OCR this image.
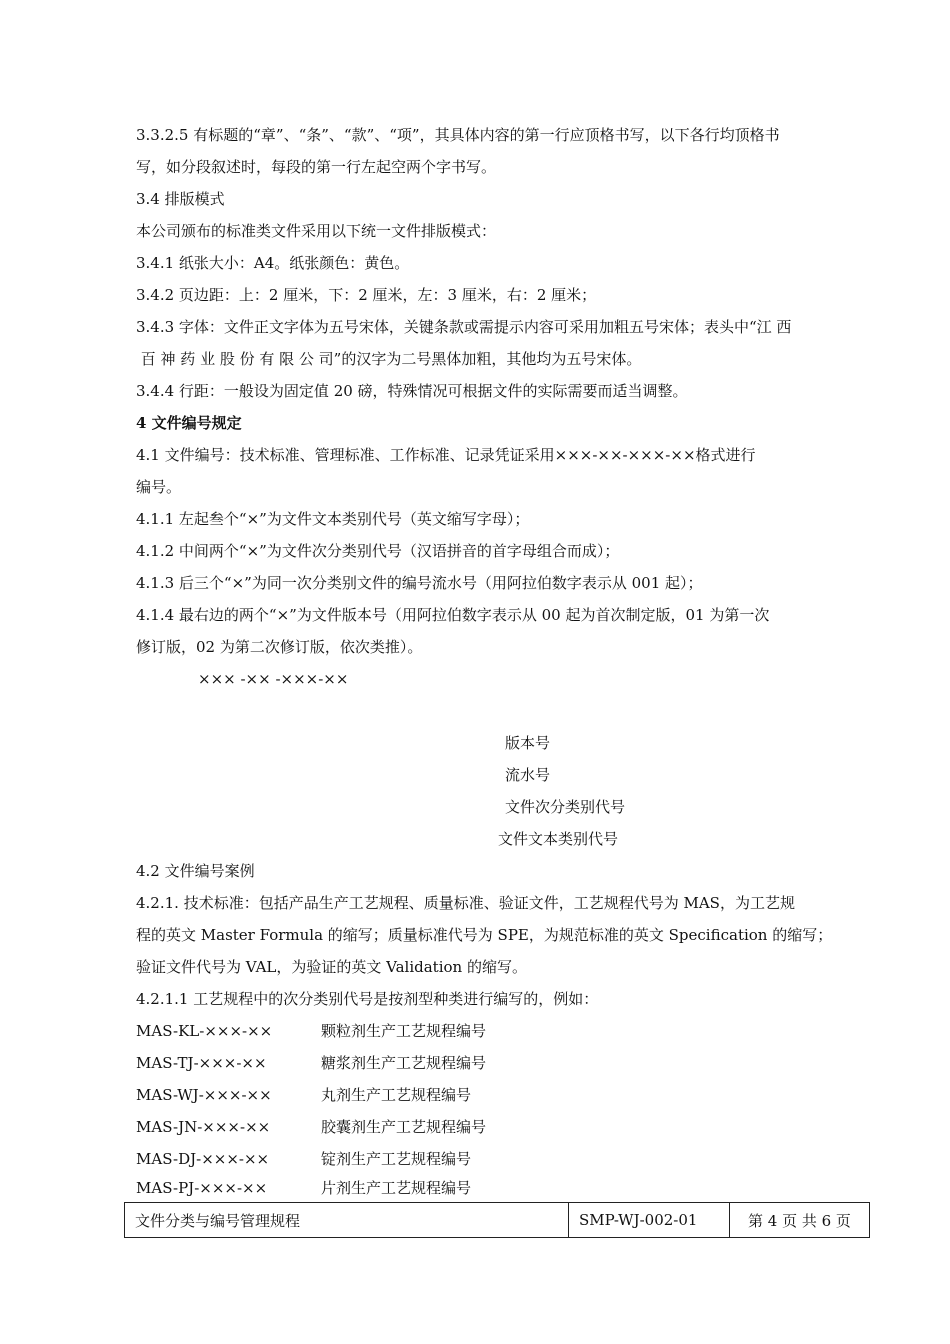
3.3.2.5 有标题的“章”、“条”、“款”、“项”，其具体内容的第一行应顶格书写，以下各行均顶格书
写，如分段叙述时，每段的第一行左起空两个字书写。
3.4 排版模式
本公司颁布的标准类文件采用以下统一文件排版模式：
3.4.1 纸张大小：A4。纸张颜色：黄色。
3.4.2 页边距：上：2 厘米，下：2 厘米，左：3 厘米，右：2 厘米；
3.4.3 字体：文件正文字体为五号宋体，关键条款或需提示内容可采用加粗五号宋体；表头中“江 西
百 神 药 业 股 份 有 限 公 司”的汉字为二号黑体加粗，其他均为五号宋体。
3.4.4 行距：一般设为固定值 20 磅，特殊情况可根据文件的实际需要而适当调整。
4 文件编号规定
4.1 文件编号：技术标准、管理标准、工作标准、记录凭证采用×××-××-×××-××格式进行
编号。
4.1.1 左起叁个“×”为文件文本类别代号（英文缩写字母）；
4.1.2 中间两个“×”为文件次分类别代号（汉语拼音的首字母组合而成）；
4.1.3 后三个“×”为同一次分类别文件的编号流水号（用阿拉伯数字表示从 001 起）；
4.1.4 最右边的两个“×”为文件版本号（用阿拉伯数字表示从 00 起为首次制定版，01 为第一次
修订版，02 为第二次修订版，依次类推）。
××× -×× -×××-××
版本号
流水号
文件次分类别代号
文件文本类别代号
4.2 文件编号案例
4.2.1. 技术标准：包括产品生产工艺规程、质量标准、验证文件，工艺规程代号为 MAS，为工艺规
程的英文 Master Formula 的缩写；质量标准代号为 SPE，为规范标准的英文 Specification 的缩写；
验证文件代号为 VAL，为验证的英文 Validation 的缩写。
4.2.1.1 工艺规程中的次分类别代号是按剂型种类进行编写的，例如：
MAS-KL-×××-××	颗粒剂生产工艺规程编号
MAS-TJ-×××-××	糖浆剂生产工艺规程编号
MAS-WJ-×××-××	丸剂生产工艺规程编号
MAS-JN-×××-××	胶囊剂生产工艺规程编号
MAS-DJ-×××-××	锭剂生产工艺规程编号
MAS-PJ-×××-××	片剂生产工艺规程编号
文件分类与编号管理规程	SMP-WJ-002-01	第 4 页 共 6 页
